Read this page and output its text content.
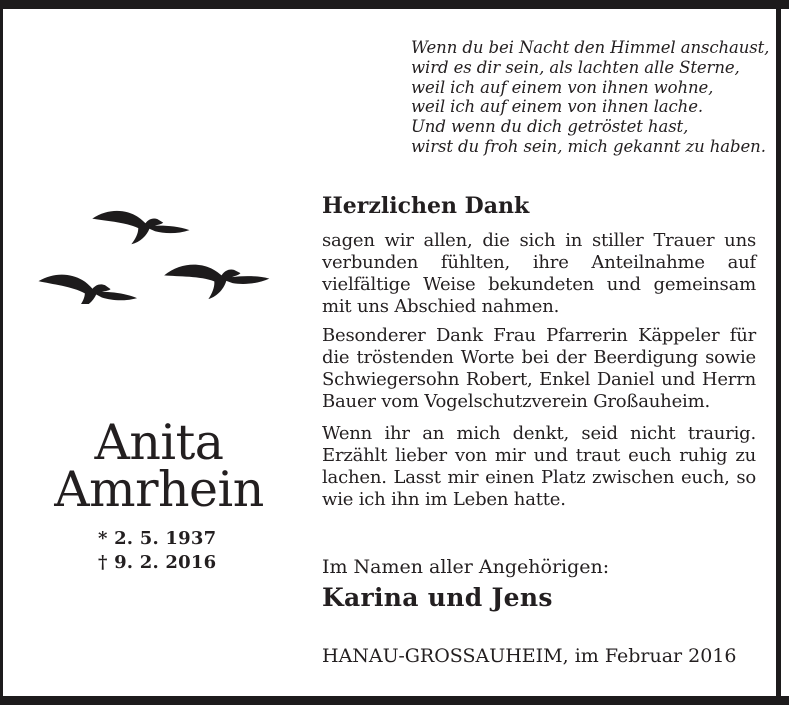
Wenn du bei Nacht den Himmel anschaust,
wird es dir sein, als lachten alle Sterne,
weil ich auf einem von ihnen wohne,
weil ich auf einem von ihnen lache.
Und wenn du dich getröstet hast,
wirst du froh sein, mich gekannt zu haben.
Anita
Amrhein
* 2. 5. 1937
† 9. 2. 2016
Herzlichen Dank

sagen wir allen, die sich in stiller Trauer uns verbunden fühlten, ihre Anteilnahme auf vielfältige Weise bekundeten und gemeinsam mit uns Abschied nahmen.

Besonderer Dank Frau Pfarrerin Käppeler für die tröstenden Worte bei der Beerdigung sowie Schwiegersohn Robert, Enkel Daniel und Herrn Bauer vom Vogelschutzverein Großauheim.

Wenn ihr an mich denkt, seid nicht traurig. Erzählt lieber von mir und traut euch ruhig zu lachen. Lasst mir einen Platz zwischen euch, so wie ich ihn im Leben hatte.

Im Namen aller Angehörigen:
Karina und Jens
HANAU-GROSSAUHEIM, im Februar 2016
